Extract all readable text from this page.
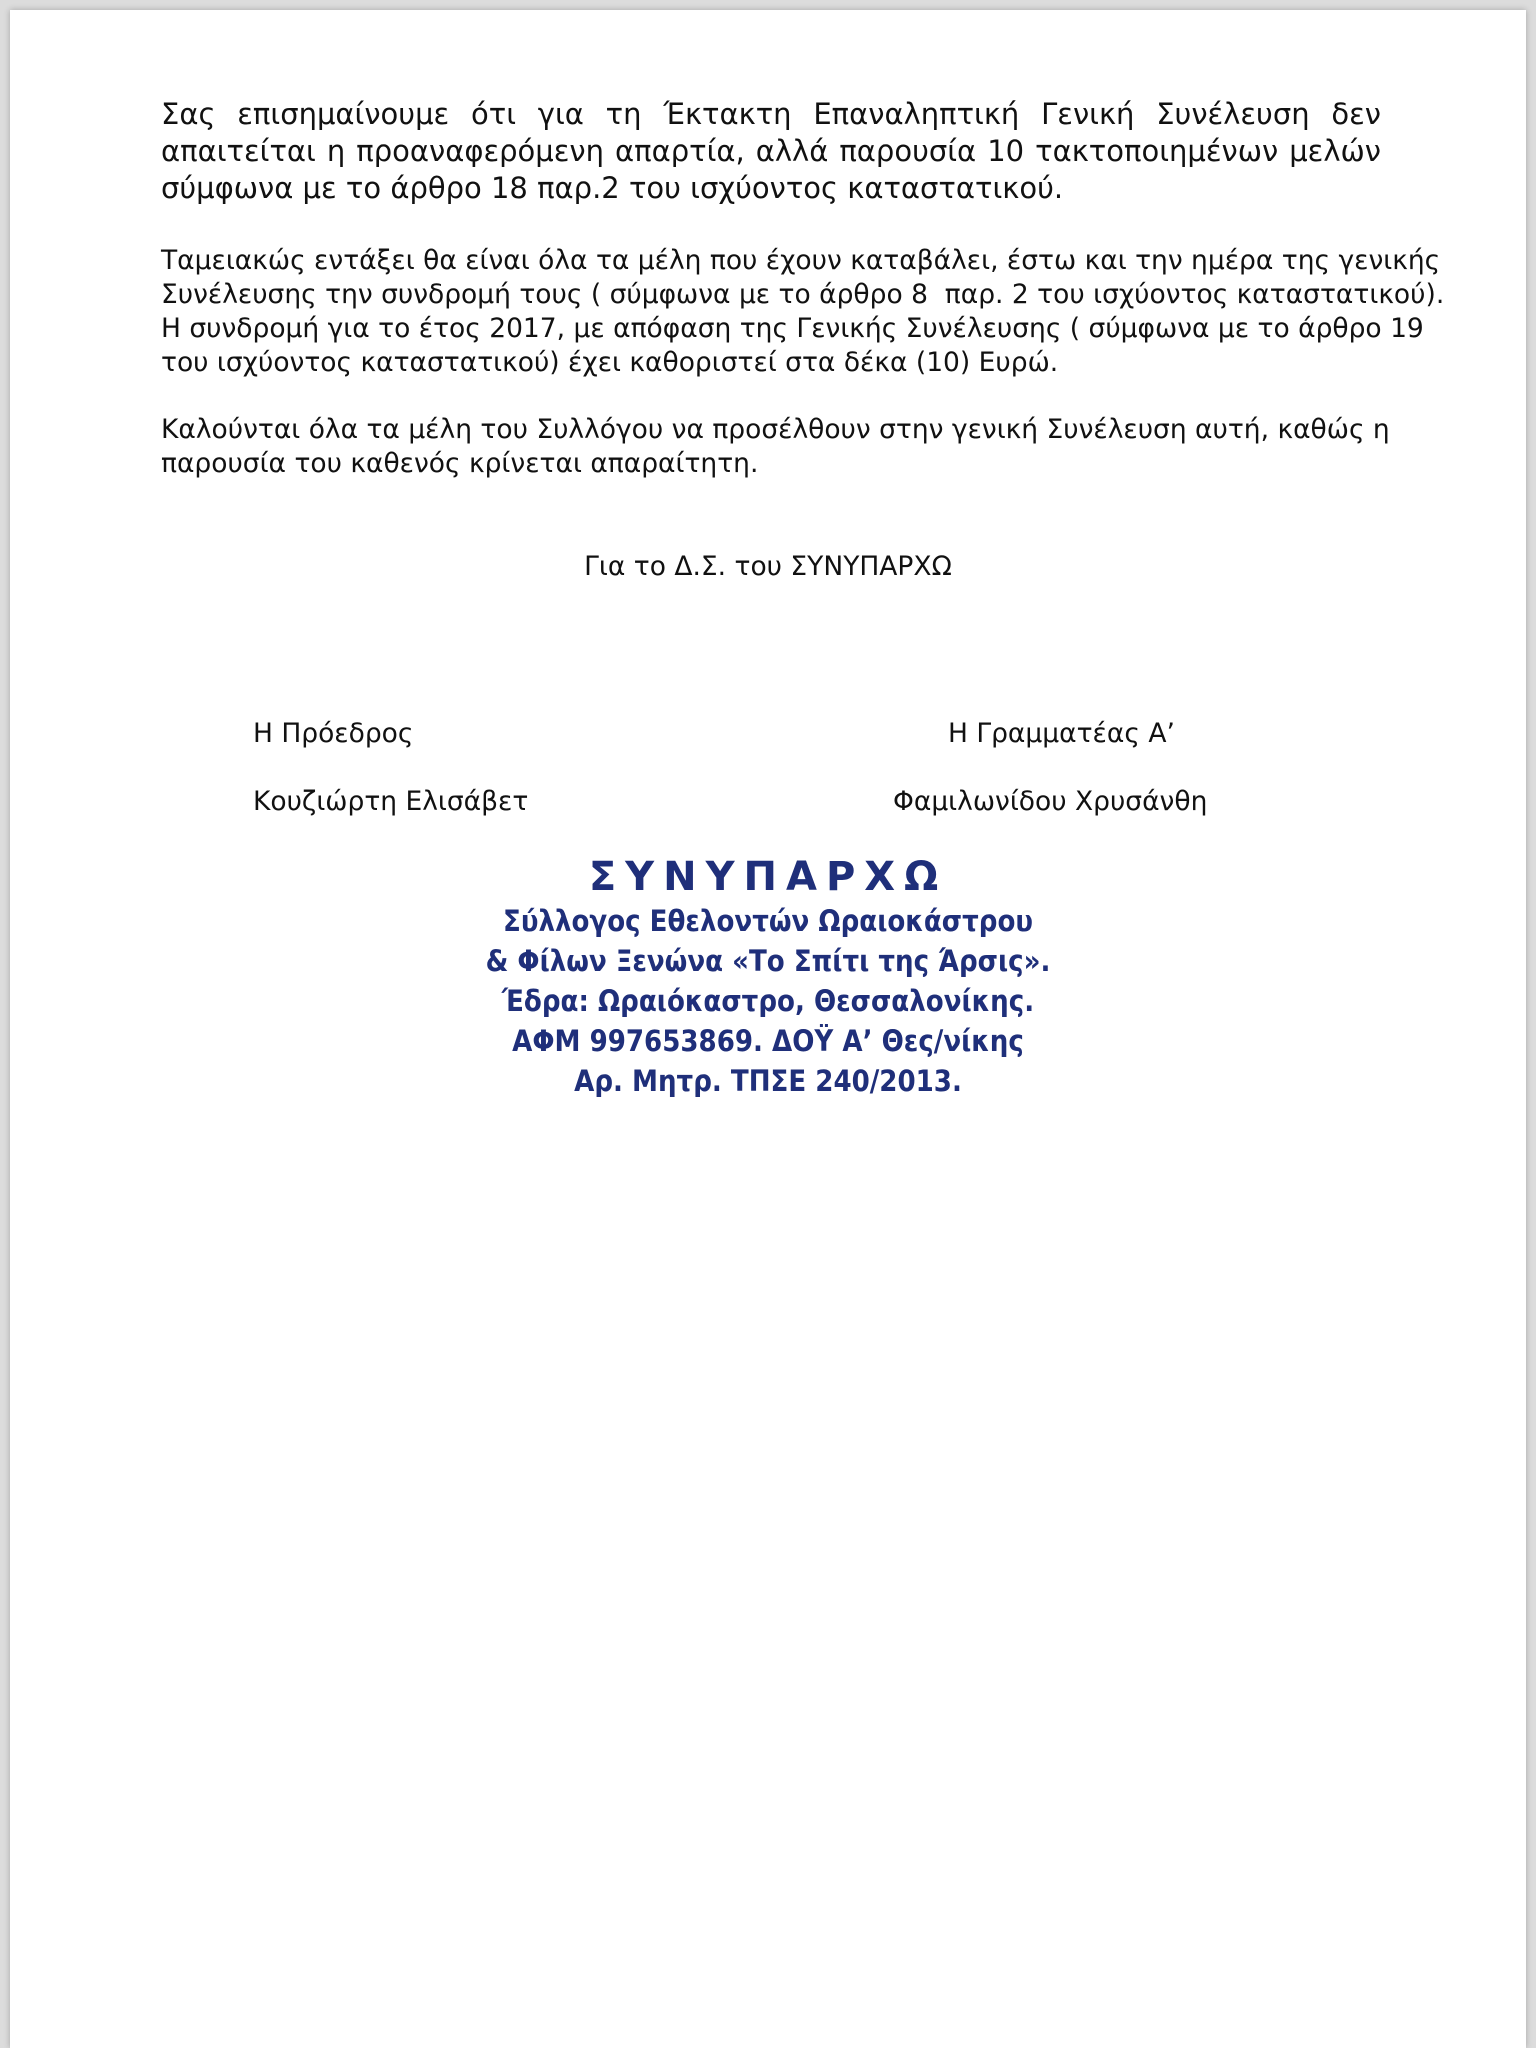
Σας επισημαίνουμε ότι για τη Έκτακτη Επαναληπτική Γενική Συνέλευση δεν απαιτείται η προαναφερόμενη απαρτία, αλλά παρουσία 10 τακτοποιημένων μελών σύμφωνα με το άρθρο 18 παρ.2 του ισχύοντος καταστατικού.

Ταμειακώς εντάξει θα είναι όλα τα μέλη που έχουν καταβάλει, έστω και την ημέρα της γενικής
Συνέλευσης την συνδρομή τους ( σύμφωνα με το άρθρο 8  παρ. 2 του ισχύοντος καταστατικού).
Η συνδρομή για το έτος 2017, με απόφαση της Γενικής Συνέλευσης ( σύμφωνα με το άρθρο 19
του ισχύοντος καταστατικού) έχει καθοριστεί στα δέκα (10) Ευρώ.

Καλούνται όλα τα μέλη του Συλλόγου να προσέλθουν στην γενική Συνέλευση αυτή, καθώς η
παρουσία του καθενός κρίνεται απαραίτητη.

Για το Δ.Σ. του ΣΥΝΥΠΑΡΧΩ

Η Πρόεδρος
Κουζιώρτη Ελισάβετ
Η Γραμματέας Α’
Φαμιλωνίδου Χρυσάνθη

ΣΥΝΥΠΑΡΧΩ

Σύλλογος Εθελοντών Ωραιοκάστρου

& Φίλων Ξενώνα «Το Σπίτι της Άρσις».

Έδρα: Ωραιόκαστρο, Θεσσαλονίκης.

ΑΦΜ 997653869. ΔΟΫ Α’ Θες/νίκης

Αρ. Μητρ. ΤΠΣΕ 240/2013.
